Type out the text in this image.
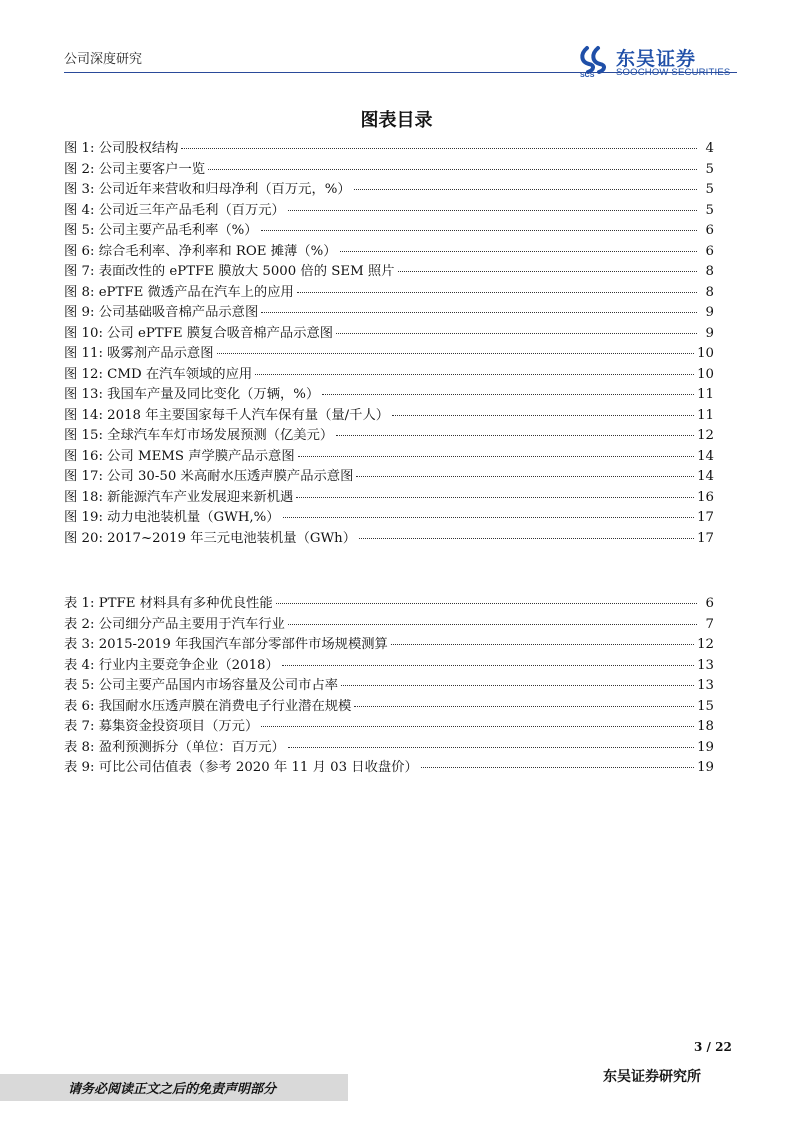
公司深度研究
SCS
东吴证券
SOOCHOW SECURITIES
图表目录
图 1: 公司股权结构	4
图 2: 公司主要客户一览	5
图 3: 公司近年来营收和归母净利（百万元，%）	5
图 4: 公司近三年产品毛利（百万元）	5
图 5: 公司主要产品毛利率（%）	6
图 6: 综合毛利率、净利率和 ROE 摊薄（%）	6
图 7: 表面改性的 ePTFE 膜放大 5000 倍的 SEM 照片	8
图 8: ePTFE 微透产品在汽车上的应用	8
图 9: 公司基础吸音棉产品示意图	9
图 10: 公司 ePTFE 膜复合吸音棉产品示意图	9
图 11: 吸雾剂产品示意图	10
图 12: CMD 在汽车领域的应用	10
图 13: 我国车产量及同比变化（万辆，%）	11
图 14: 2018 年主要国家每千人汽车保有量（量/千人）	11
图 15: 全球汽车车灯市场发展预测（亿美元）	12
图 16: 公司 MEMS 声学膜产品示意图	14
图 17: 公司 30-50 米高耐水压透声膜产品示意图	14
图 18: 新能源汽车产业发展迎来新机遇	16
图 19: 动力电池装机量（GWH,%）	17
图 20: 2017~2019 年三元电池装机量（GWh）	17
表 1: PTFE 材料具有多种优良性能	6
表 2: 公司细分产品主要用于汽车行业	7
表 3: 2015-2019 年我国汽车部分零部件市场规模测算	12
表 4: 行业内主要竞争企业（2018）	13
表 5: 公司主要产品国内市场容量及公司市占率	13
表 6: 我国耐水压透声膜在消费电子行业潜在规模	15
表 7: 募集资金投资项目（万元）	18
表 8: 盈利预测拆分（单位：百万元）	19
表 9: 可比公司估值表（参考 2020 年 11 月 03 日收盘价）	19
3 / 22
请务必阅读正文之后的免责声明部分
东吴证券研究所
